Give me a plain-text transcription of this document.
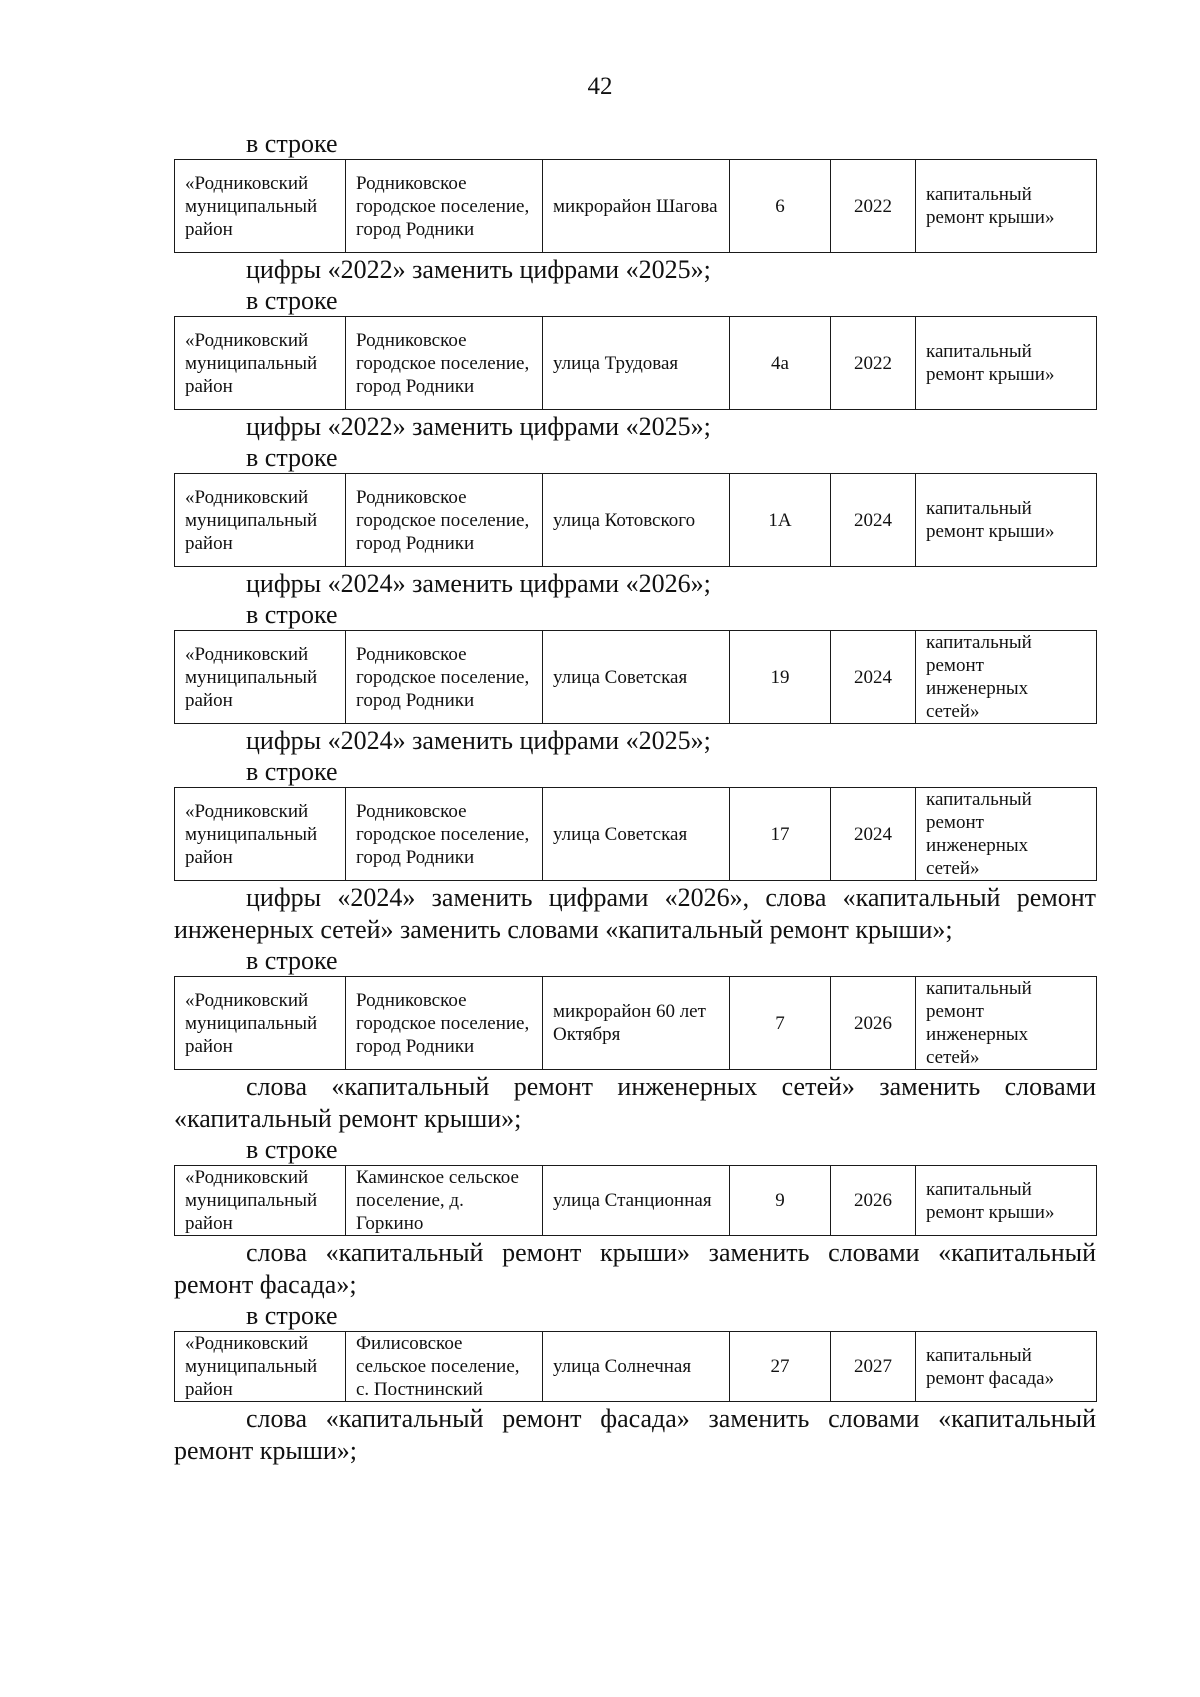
42

в строке

«Родниковский муниципальный район	Родниковское городское поселение, город Родники	микрорайон Шагова	6	2022	капитальный ремонт крыши»

цифры «2022» заменить цифрами «2025»;

в строке

«Родниковский муниципальный район	Родниковское городское поселение, город Родники	улица Трудовая	4а	2022	капитальный ремонт крыши»

цифры «2022» заменить цифрами «2025»;

в строке

«Родниковский муниципальный район	Родниковское городское поселение, город Родники	улица Котовского	1А	2024	капитальный ремонт крыши»

цифры «2024» заменить цифрами «2026»;

в строке

«Родниковский муниципальный район	Родниковское городское поселение, город Родники	улица Советская	19	2024	капитальный ремонт инженерных сетей»

цифры «2024» заменить цифрами «2025»;

в строке

«Родниковский муниципальный район	Родниковское городское поселение, город Родники	улица Советская	17	2024	капитальный ремонт инженерных сетей»

цифры «2024» заменить цифрами «2026», слова «капитальный ремонт инженерных сетей» заменить словами «капитальный ремонт крыши»;

в строке

«Родниковский муниципальный район	Родниковское городское поселение, город Родники	микрорайон 60 лет Октября	7	2026	капитальный ремонт инженерных сетей»

слова «капитальный ремонт инженерных сетей» заменить словами «капитальный ремонт крыши»;

в строке

«Родниковский муниципальный район	Каминское сельское поселение, д. Горкино	улица Станционная	9	2026	капитальный ремонт крыши»

слова «капитальный ремонт крыши» заменить словами «капитальный ремонт фасада»;

в строке

«Родниковский муниципальный район	Филисовское сельское поселение, с. Постнинский	улица Солнечная	27	2027	капитальный ремонт фасада»

слова «капитальный ремонт фасада» заменить словами «капитальный ремонт крыши»;
